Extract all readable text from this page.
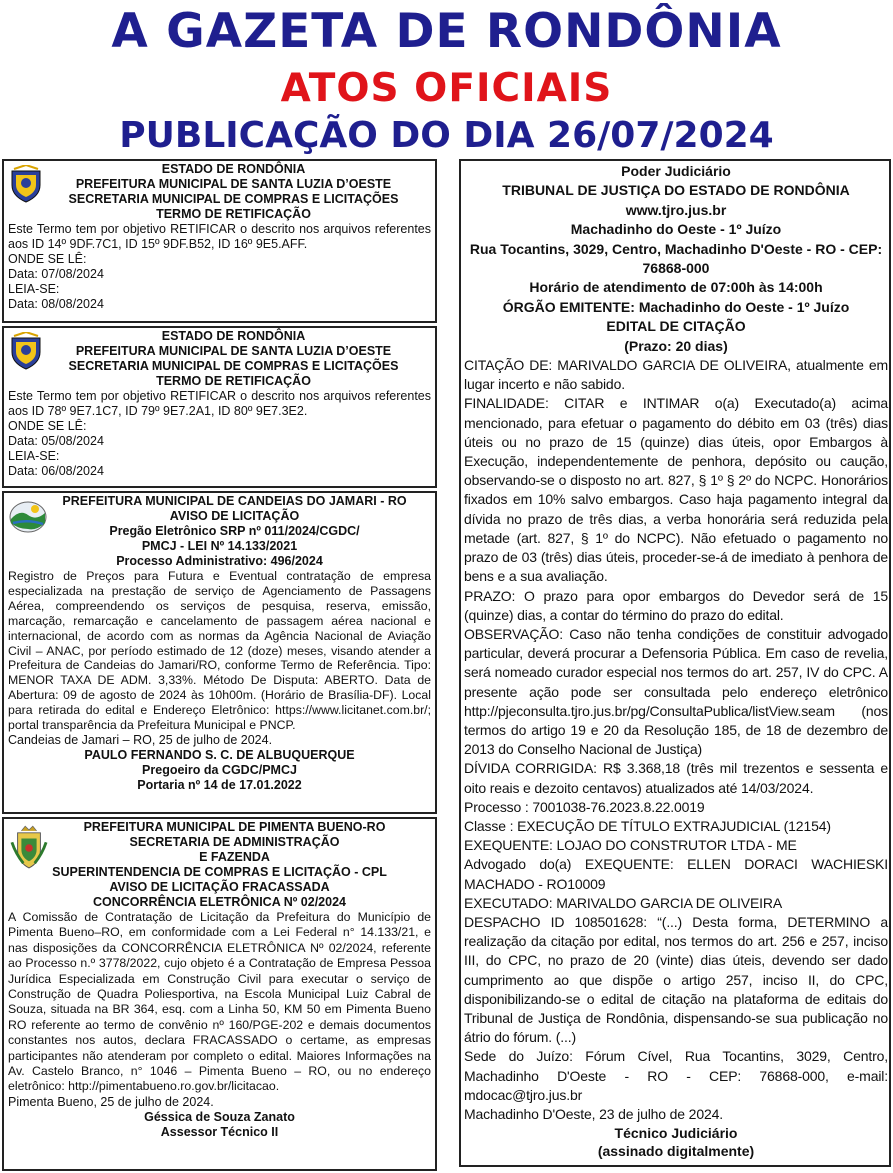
A GAZETA DE RONDÔNIA
ATOS OFICIAIS
PUBLICAÇÃO DO DIA 26/07/2024
ESTADO DE RONDÔNIA
PREFEITURA MUNICIPAL DE SANTA LUZIA D’OESTE
SECRETARIA MUNICIPAL DE COMPRAS E LICITAÇÕES
TERMO DE RETIFICAÇÃO
Este Termo tem por objetivo RETIFICAR o descrito nos arquivos referentes aos ID 14º 9DF.7C1, ID 15º 9DF.B52, ID 16º 9E5.AFF.
ONDE SE LÊ:
Data: 07/08/2024
LEIA-SE:
Data: 08/08/2024
ESTADO DE RONDÔNIA
PREFEITURA MUNICIPAL DE SANTA LUZIA D’OESTE
SECRETARIA MUNICIPAL DE COMPRAS E LICITAÇÕES
TERMO DE RETIFICAÇÃO
Este Termo tem por objetivo RETIFICAR o descrito nos arquivos referentes aos ID 78º 9E7.1C7, ID 79º 9E7.2A1, ID 80º 9E7.3E2.
ONDE SE LÊ:
Data: 05/08/2024
LEIA-SE:
Data: 06/08/2024
PREFEITURA MUNICIPAL DE CANDEIAS DO JAMARI - RO
AVISO DE LICITAÇÃO
Pregão Eletrônico SRP nº 011/2024/CGDC/
PMCJ - LEI Nº 14.133/2021
Processo Administrativo: 496/2024
Registro de Preços para Futura e Eventual contratação de empresa especializada na prestação de serviço de Agenciamento de Passagens Aérea, compreendendo os serviços de pesquisa, reserva, emissão, marcação, remarcação e cancelamento de passagem aérea nacional e internacional, de acordo com as normas da Agência Nacional de Aviação Civil – ANAC, por período estimado de 12 (doze) meses, visando atender a Prefeitura de Candeias do Jamari/RO, conforme Termo de Referência. Tipo: MENOR TAXA DE ADM. 3,33%. Método De Disputa: ABERTO. Data de Abertura: 09 de agosto de 2024 às 10h00m. (Horário de Brasília-DF). Local para retirada do edital e Endereço Eletrônico: https://www.licitanet.com.br/; portal transparência da Prefeitura Municipal e PNCP.
Candeias de Jamari – RO, 25 de julho de 2024.
PAULO FERNANDO S. C. DE ALBUQUERQUE
Pregoeiro da CGDC/PMCJ
Portaria nº 14 de 17.01.2022
PREFEITURA MUNICIPAL DE PIMENTA BUENO-RO
SECRETARIA DE ADMINISTRAÇÃO
E FAZENDA
SUPERINTENDENCIA DE COMPRAS E LICITAÇÃO - CPL
AVISO DE LICITAÇÃO FRACASSADA
CONCORRÊNCIA ELETRÔNICA Nº 02/2024
A Comissão de Contratação de Licitação da Prefeitura do Município de Pimenta Bueno–RO, em conformidade com a Lei Federal n° 14.133/21, e nas disposições da CONCORRÊNCIA ELETRÔNICA Nº 02/2024, referente ao Processo n.º 3778/2022, cujo objeto é a Contratação de Empresa Pessoa Jurídica Especializada em Construção Civil para executar o serviço de Construção de Quadra Poliesportiva, na Escola Municipal Luiz Cabral de Souza, situada na BR 364, esq. com a Linha 50, KM 50 em Pimenta Bueno RO referente ao termo de convênio nº 160/PGE-202 e demais documentos constantes nos autos, declara FRACASSADO o certame, as empresas participantes não atenderam por completo o edital. Maiores Informações na Av. Castelo Branco, n° 1046 – Pimenta Bueno – RO, ou no endereço eletrônico: http://pimentabueno.ro.gov.br/licitacao.
Pimenta Bueno, 25 de julho de 2024.
Géssica de Souza Zanato
Assessor Técnico II
Poder Judiciário
TRIBUNAL DE JUSTIÇA DO ESTADO DE RONDÔNIA
www.tjro.jus.br
Machadinho do Oeste - 1º Juízo
Rua Tocantins, 3029, Centro, Machadinho D'Oeste - RO - CEP: 76868-000
Horário de atendimento de 07:00h às 14:00h
ÓRGÃO EMITENTE: Machadinho do Oeste - 1º Juízo
EDITAL DE CITAÇÃO
(Prazo: 20 dias)
CITAÇÃO DE: MARIVALDO GARCIA DE OLIVEIRA, atualmente em lugar incerto e não sabido.
FINALIDADE: CITAR e INTIMAR o(a) Executado(a) acima mencionado, para efetuar o pagamento do débito em 03 (três) dias úteis ou no prazo de 15 (quinze) dias úteis, opor Embargos à Execução, independentemente de penhora, depósito ou caução, observando-se o disposto no art. 827, § 1º § 2º do NCPC. Honorários fixados em 10% salvo embargos. Caso haja pagamento integral da dívida no prazo de três dias, a verba honorária será reduzida pela metade (art. 827, § 1º do NCPC). Não efetuado o pagamento no prazo de 03 (três) dias úteis, proceder-se-á de imediato à penhora de bens e a sua avaliação.
PRAZO: O prazo para opor embargos do Devedor será de 15 (quinze) dias, a contar do término do prazo do edital.
OBSERVAÇÃO: Caso não tenha condições de constituir advogado particular, deverá procurar a Defensoria Pública. Em caso de revelia, será nomeado curador especial nos termos do art. 257, IV do CPC. A presente ação pode ser consultada pelo endereço eletrônico http://pjeconsulta.tjro.jus.br/pg/ConsultaPublica/listView.seam (nos termos do artigo 19 e 20 da Resolução 185, de 18 de dezembro de 2013 do Conselho Nacional de Justiça)
DÍVIDA CORRIGIDA: R$ 3.368,18 (três mil trezentos e sessenta e oito reais e dezoito centavos) atualizados até 14/03/2024.
Processo : 7001038-76.2023.8.22.0019
Classe : EXECUÇÃO DE TÍTULO EXTRAJUDICIAL (12154)
EXEQUENTE: LOJAO DO CONSTRUTOR LTDA - ME
Advogado do(a) EXEQUENTE: ELLEN DORACI WACHIESKI MACHADO - RO10009
EXECUTADO: MARIVALDO GARCIA DE OLIVEIRA
DESPACHO ID 108501628: “(...) Desta forma, DETERMINO a realização da citação por edital, nos termos do art. 256 e 257, inciso III, do CPC, no prazo de 20 (vinte) dias úteis, devendo ser dado cumprimento ao que dispõe o artigo 257, inciso II, do CPC, disponibilizando-se o edital de citação na plataforma de editais do Tribunal de Justiça de Rondônia, dispensando-se sua publicação no átrio do fórum. (...)
Sede do Juízo: Fórum Cível, Rua Tocantins, 3029, Centro, Machadinho D'Oeste - RO - CEP: 76868-000, e-mail: mdocac@tjro.jus.br
Machadinho D'Oeste, 23 de julho de 2024.
Técnico Judiciário
(assinado digitalmente)
